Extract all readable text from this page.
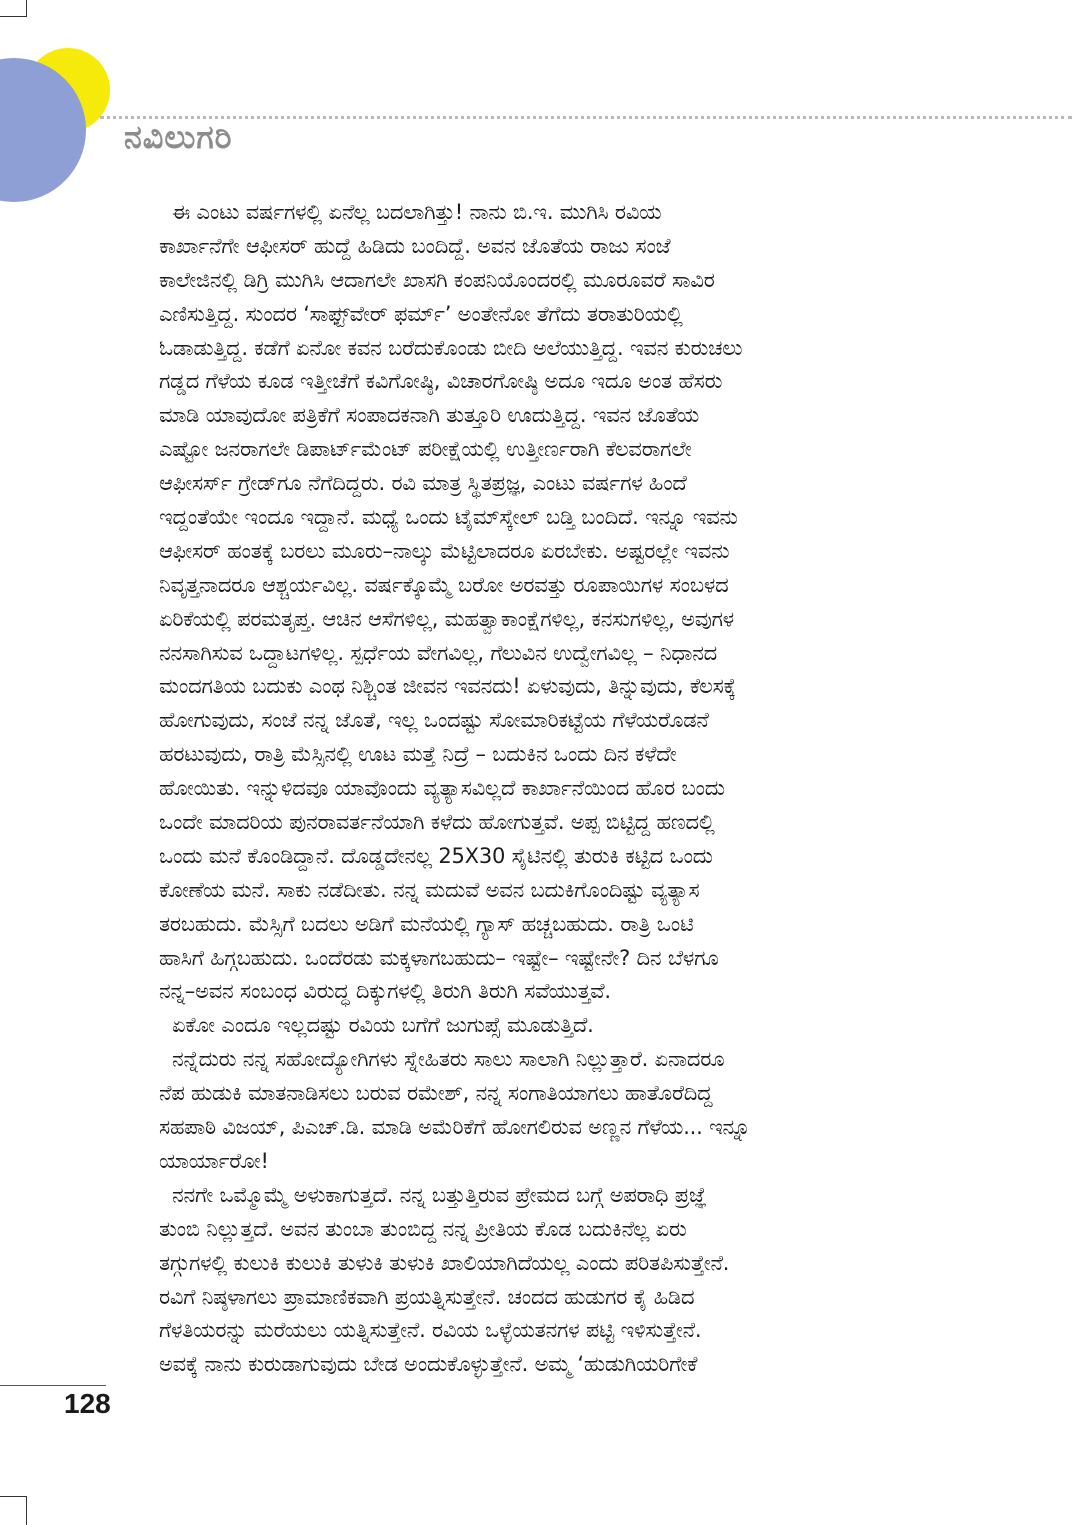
ನವಿಲುಗರಿ
ಈ ಎಂಟು ವರ್ಷಗಳಲ್ಲಿ ಏನೆಲ್ಲ ಬದಲಾಗಿತ್ತು! ನಾನು ಬಿ.ಇ. ಮುಗಿಸಿ ರವಿಯ
ಕಾರ್ಖಾನೆಗೇ ಆಫೀಸರ್ ಹುದ್ದೆ ಹಿಡಿದು ಬಂದಿದ್ದೆ. ಅವನ ಜೊತೆಯ ರಾಜು ಸಂಜೆ
ಕಾಲೇಜಿನಲ್ಲಿ ಡಿಗ್ರಿ ಮುಗಿಸಿ ಆದಾಗಲೇ ಖಾಸಗಿ ಕಂಪನಿಯೊಂದರಲ್ಲಿ ಮೂರೂವರೆ ಸಾವಿರ
ಎಣಿಸುತ್ತಿದ್ದ. ಸುಂದರ ‘ಸಾಫ್ಟ್‌ವೇರ್ ಫರ್ಮ್’ ಅಂತೇನೋ ತೆಗೆದು ತರಾತುರಿಯಲ್ಲಿ
ಓಡಾಡುತ್ತಿದ್ದ. ಕಡೆಗೆ ಏನೋ ಕವನ ಬರೆದುಕೊಂಡು ಬೀದಿ ಅಲೆಯುತ್ತಿದ್ದ. ಇವನ ಕುರುಚಲು
ಗಡ್ಡದ ಗೆಳೆಯ ಕೂಡ ಇತ್ತೀಚೆಗೆ ಕವಿಗೋಷ್ಠಿ, ವಿಚಾರಗೋಷ್ಠಿ ಅದೂ ಇದೂ ಅಂತ ಹೆಸರು
ಮಾಡಿ ಯಾವುದೋ ಪತ್ರಿಕೆಗೆ ಸಂಪಾದಕನಾಗಿ ತುತ್ತೂರಿ ಊದುತ್ತಿದ್ದ. ಇವನ ಜೊತೆಯ
ಎಷ್ಟೋ ಜನರಾಗಲೇ ಡಿಪಾರ್ಟ್‌ಮೆಂಟ್ ಪರೀಕ್ಷೆಯಲ್ಲಿ ಉತ್ತೀರ್ಣರಾಗಿ ಕೆಲವರಾಗಲೇ
ಆಫೀಸರ್ಸ್ ಗ್ರೇಡ್‌ಗೂ ನೆಗೆದಿದ್ದರು. ರವಿ ಮಾತ್ರ ಸ್ಥಿತಪ್ರಜ್ಞ, ಎಂಟು ವರ್ಷಗಳ ಹಿಂದೆ
ಇದ್ದಂತೆಯೇ ಇಂದೂ ಇದ್ದಾನೆ. ಮಧ್ಯೆ ಒಂದು ಟೈಮ್‌ಸ್ಕೇಲ್ ಬಡ್ತಿ ಬಂದಿದೆ. ಇನ್ನೂ ಇವನು
ಆಫೀಸರ್ ಹಂತಕ್ಕೆ ಬರಲು ಮೂರು–ನಾಲ್ಕು ಮೆಟ್ಟಿಲಾದರೂ ಏರಬೇಕು. ಅಷ್ಟರಲ್ಲೇ ಇವನು
ನಿವೃತ್ತನಾದರೂ ಆಶ್ಚರ್ಯವಿಲ್ಲ. ವರ್ಷಕ್ಕೊಮ್ಮೆ ಬರೋ ಅರವತ್ತು ರೂಪಾಯಿಗಳ ಸಂಬಳದ
ಏರಿಕೆಯಲ್ಲಿ ಪರಮತೃಪ್ತ. ಆಚಿನ ಆಸೆಗಳಿಲ್ಲ, ಮಹತ್ವಾಕಾಂಕ್ಷೆಗಳಿಲ್ಲ, ಕನಸುಗಳಿಲ್ಲ, ಅವುಗಳ
ನನಸಾಗಿಸುವ ಒದ್ದಾಟಗಳಿಲ್ಲ. ಸ್ಪರ್ಧೆಯ ವೇಗವಿಲ್ಲ, ಗೆಲುವಿನ ಉದ್ವೇಗವಿಲ್ಲ – ನಿಧಾನದ
ಮಂದಗತಿಯ ಬದುಕು ಎಂಥ ನಿಶ್ಚಿಂತ ಜೀವನ ಇವನದು! ಏಳುವುದು, ತಿನ್ನುವುದು, ಕೆಲಸಕ್ಕೆ
ಹೋಗುವುದು, ಸಂಜೆ ನನ್ನ ಜೊತೆ, ಇಲ್ಲ ಒಂದಷ್ಟು ಸೋಮಾರಿಕಟ್ಟೆಯ ಗೆಳೆಯರೊಡನೆ
ಹರಟುವುದು, ರಾತ್ರಿ ಮೆಸ್ಸಿನಲ್ಲಿ ಊಟ ಮತ್ತೆ ನಿದ್ರೆ – ಬದುಕಿನ ಒಂದು ದಿನ ಕಳೆದೇ
ಹೋಯಿತು. ಇನ್ನುಳಿದವೂ ಯಾವೊಂದು ವ್ಯತ್ಯಾಸವಿಲ್ಲದೆ ಕಾರ್ಖಾನೆಯಿಂದ ಹೊರ ಬಂದು
ಒಂದೇ ಮಾದರಿಯ ಪುನರಾವರ್ತನೆಯಾಗಿ ಕಳೆದು ಹೋಗುತ್ತವೆ. ಅಪ್ಪ ಬಿಟ್ಟಿದ್ದ ಹಣದಲ್ಲಿ
ಒಂದು ಮನೆ ಕೊಂಡಿದ್ದಾನೆ. ದೊಡ್ಡದೇನಲ್ಲ 25X30 ಸೈಟಿನಲ್ಲಿ ತುರುಕಿ ಕಟ್ಟಿದ ಒಂದು
ಕೋಣೆಯ ಮನೆ. ಸಾಕು ನಡೆದೀತು. ನನ್ನ ಮದುವೆ ಅವನ ಬದುಕಿಗೊಂದಿಷ್ಟು ವ್ಯತ್ಯಾಸ
ತರಬಹುದು. ಮೆಸ್ಸಿಗೆ ಬದಲು ಅಡಿಗೆ ಮನೆಯಲ್ಲಿ ಗ್ಯಾಸ್ ಹಚ್ಚಬಹುದು. ರಾತ್ರಿ ಒಂಟಿ
ಹಾಸಿಗೆ ಹಿಗ್ಗಬಹುದು. ಒಂದೆರಡು ಮಕ್ಕಳಾಗಬಹುದು– ಇಷ್ಟೇ– ಇಷ್ಟೇನೇ? ದಿನ ಬೆಳಗೂ
ನನ್ನ–ಅವನ ಸಂಬಂಧ ವಿರುದ್ಧ ದಿಕ್ಕುಗಳಲ್ಲಿ ತಿರುಗಿ ತಿರುಗಿ ಸವೆಯುತ್ತವೆ.
ಏಕೋ ಎಂದೂ ಇಲ್ಲದಷ್ಟು ರವಿಯ ಬಗೆಗೆ ಜುಗುಪ್ಸೆ ಮೂಡುತ್ತಿದೆ.
ನನ್ನೆದುರು ನನ್ನ ಸಹೋದ್ಯೋಗಿಗಳು ಸ್ನೇಹಿತರು ಸಾಲು ಸಾಲಾಗಿ ನಿಲ್ಲುತ್ತಾರೆ. ಏನಾದರೂ
ನೆಪ ಹುಡುಕಿ ಮಾತನಾಡಿಸಲು ಬರುವ ರಮೇಶ್, ನನ್ನ ಸಂಗಾತಿಯಾಗಲು ಹಾತೊರೆದಿದ್ದ
ಸಹಪಾಠಿ ವಿಜಯ್, ಪಿಎಚ್.ಡಿ. ಮಾಡಿ ಅಮೆರಿಕೆಗೆ ಹೋಗಲಿರುವ ಅಣ್ಣನ ಗೆಳೆಯ... ಇನ್ನೂ
ಯಾರ್ಯಾರೋ!
ನನಗೇ ಒಮ್ಮೊಮ್ಮೆ ಅಳುಕಾಗುತ್ತದೆ. ನನ್ನ ಬತ್ತುತ್ತಿರುವ ಪ್ರೇಮದ ಬಗ್ಗೆ ಅಪರಾಧಿ ಪ್ರಜ್ಞೆ
ತುಂಬಿ ನಿಲ್ಲುತ್ತದೆ. ಅವನ ತುಂಬಾ ತುಂಬಿದ್ದ ನನ್ನ ಪ್ರೀತಿಯ ಕೊಡ ಬದುಕಿನೆಲ್ಲ ಏರು
ತಗ್ಗುಗಳಲ್ಲಿ ಕುಲುಕಿ ಕುಲುಕಿ ತುಳುಕಿ ತುಳುಕಿ ಖಾಲಿಯಾಗಿದೆಯಲ್ಲ ಎಂದು ಪರಿತಪಿಸುತ್ತೇನೆ.
ರವಿಗೆ ನಿಷ್ಠಳಾಗಲು ಪ್ರಾಮಾಣಿಕವಾಗಿ ಪ್ರಯತ್ನಿಸುತ್ತೇನೆ. ಚಂದದ ಹುಡುಗರ ಕೈ ಹಿಡಿದ
ಗೆಳತಿಯರನ್ನು ಮರೆಯಲು ಯತ್ನಿಸುತ್ತೇನೆ. ರವಿಯ ಒಳ್ಳೆಯತನಗಳ ಪಟ್ಟಿ ಇಳಿಸುತ್ತೇನೆ.
ಅವಕ್ಕೆ ನಾನು ಕುರುಡಾಗುವುದು ಬೇಡ ಅಂದುಕೊಳ್ಳುತ್ತೇನೆ. ಅಮ್ಮ ‘ಹುಡುಗಿಯರಿಗೇಕೆ
128
